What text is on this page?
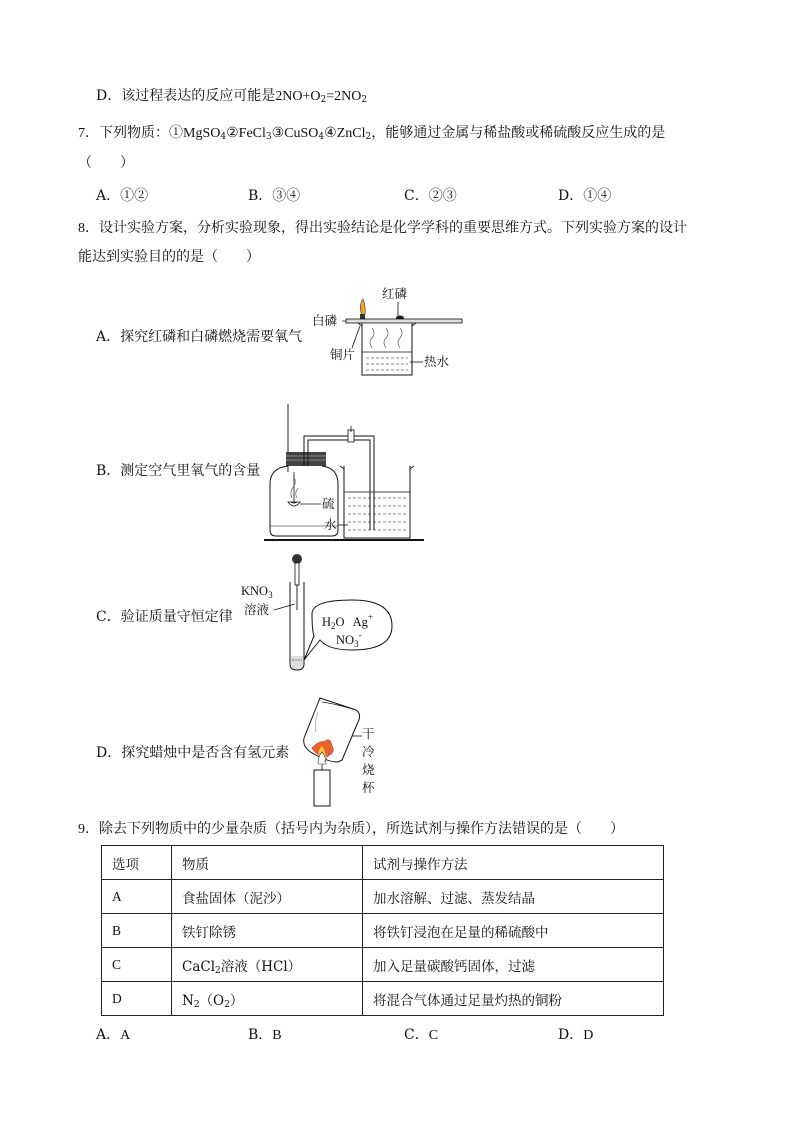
D．该过程表达的反应可能是$2NO+O_2=2NO_2$
7．下列物质：①MgSO$_4$②FeCl$_3$③CuSO$_4$④ZnCl$_2$，能够通过金属与稀盐酸或稀硫酸反应生成的是
（　　）
A．①②	B．③④	C．②③	D．①④
8．设计实验方案，分析实验现象，得出实验结论是化学学科的重要思维方式。下列实验方案的设计
能达到实验目的的是（　　）
A．探究红磷和白磷燃烧需要氧气
红磷
白磷
铜片	热水
B．测定空气里氧气的含量
硫
水
C．验证质量守恒定律
$KNO_3$
溶液
$H_2O$ Ag+
$NO_3^-$
D．探究蜡烛中是否含有氢元素
干
冷
烧
杯
9．除去下列物质中的少量杂质（括号内为杂质），所选试剂与操作方法错误的是（　　）
选项	物质	试剂与操作方法
A	食盐固体（泥沙）	加水溶解、过滤、蒸发结晶
B	铁钉除锈	将铁钉浸泡在足量的稀硫酸中
C	CaCl$_2$溶液（HCl）	加入足量碳酸钙固体，过滤
D	$N_2(O_2)$	将混合气体通过足量灼热的铜粉
A．A	B．B	C．C	D．D
